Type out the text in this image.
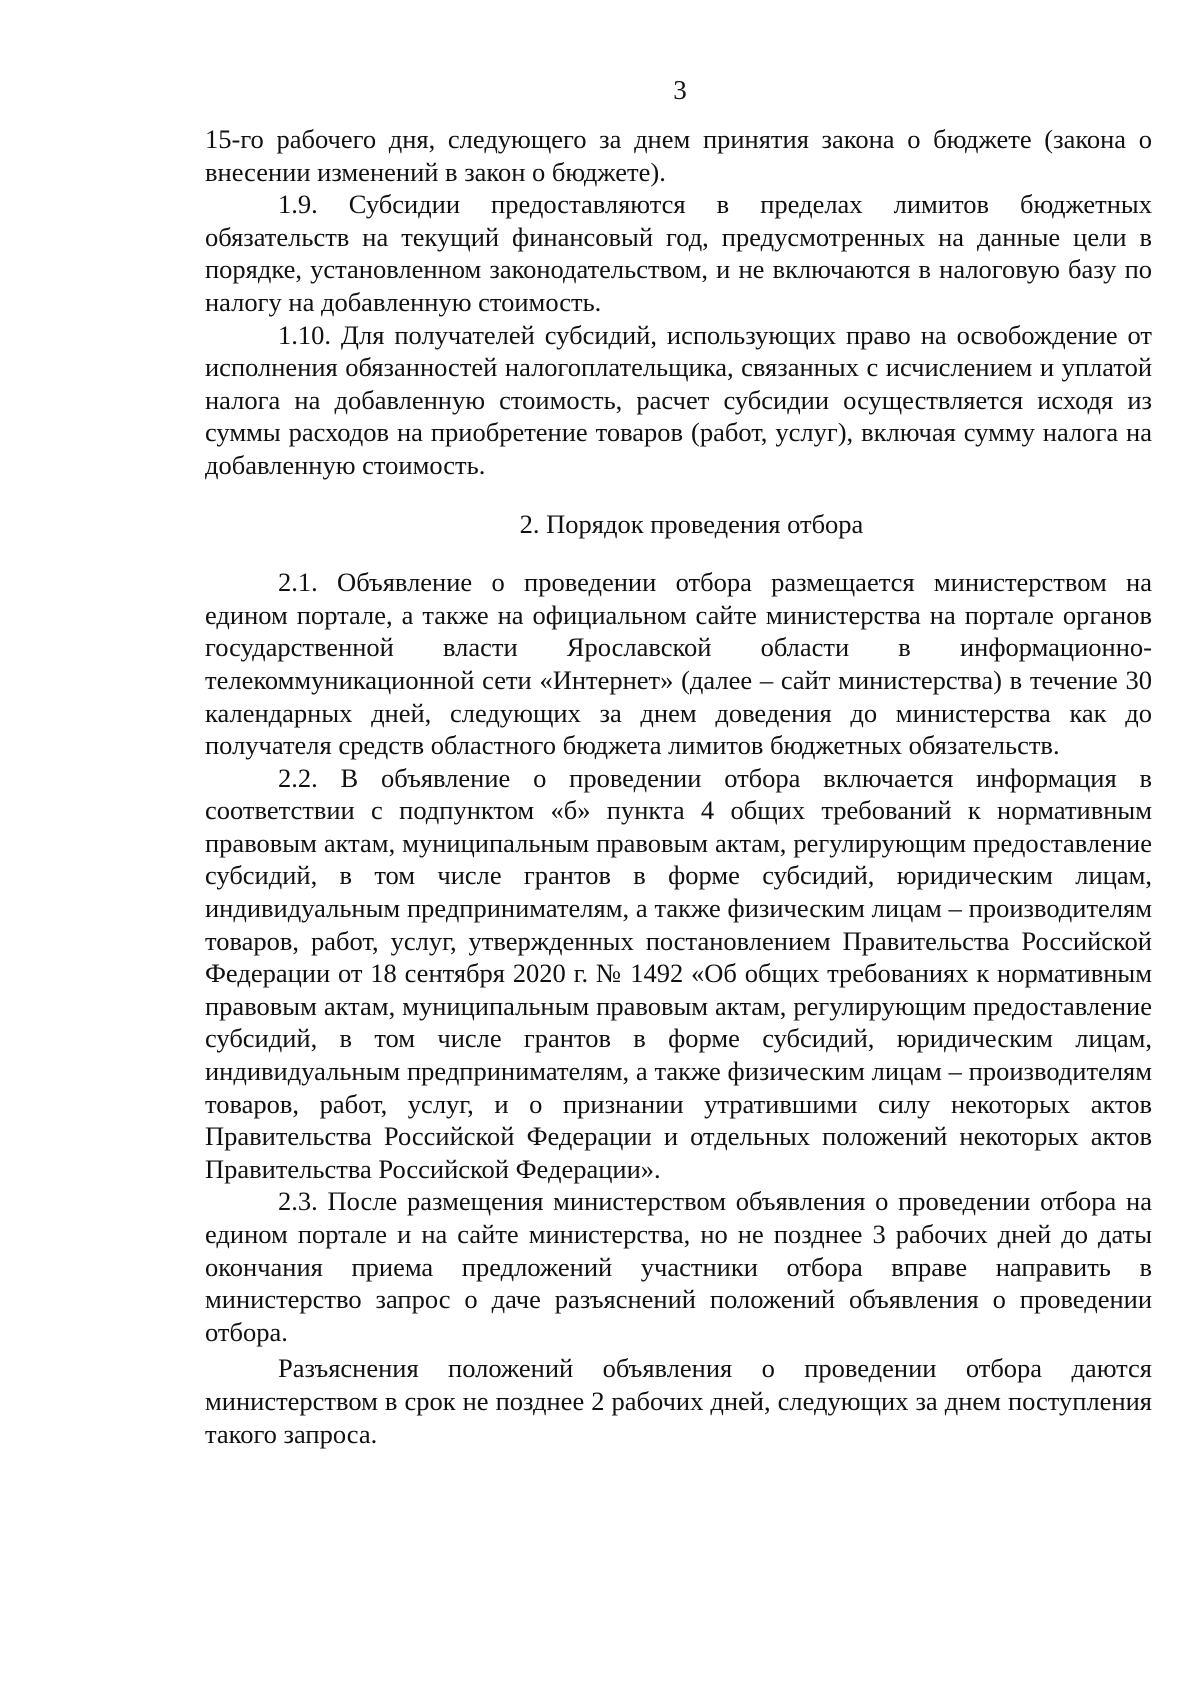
3

15-го рабочего дня, следующего за днем принятия закона о бюджете (закона о внесении изменений в закон о бюджете).

1.9. Субсидии предоставляются в пределах лимитов бюджетных обязательств на текущий финансовый год, предусмотренных на данные цели в порядке, установленном законодательством, и не включаются в налоговую базу по налогу на добавленную стоимость.

1.10. Для получателей субсидий, использующих право на освобождение от исполнения обязанностей налогоплательщика, связанных с исчислением и уплатой налога на добавленную стоимость, расчет субсидии осуществляется исходя из суммы расходов на приобретение товаров (работ, услуг), включая сумму налога на добавленную стоимость.

2. Порядок проведения отбора

2.1. Объявление о проведении отбора размещается министерством на едином портале, а также на официальном сайте министерства на портале органов государственной власти Ярославской области в информационно-телекоммуникационной сети «Интернет» (далее – сайт министерства) в течение 30 календарных дней, следующих за днем доведения до министерства как до получателя средств областного бюджета лимитов бюджетных обязательств.

2.2. В объявление о проведении отбора включается информация в соответствии с подпунктом «б» пункта 4 общих требований к нормативным правовым актам, муниципальным правовым актам, регулирующим предоставление субсидий, в том числе грантов в форме субсидий, юридическим лицам, индивидуальным предпринимателям, а также физическим лицам – производителям товаров, работ, услуг, утвержденных постановлением Правительства Российской Федерации от 18 сентября 2020 г. № 1492 «Об общих требованиях к нормативным правовым актам, муниципальным правовым актам, регулирующим предоставление субсидий, в том числе грантов в форме субсидий, юридическим лицам, индивидуальным предпринимателям, а также физическим лицам – производителям товаров, работ, услуг, и о признании утратившими силу некоторых актов Правительства Российской Федерации и отдельных положений некоторых актов Правительства Российской Федерации».

2.3. После размещения министерством объявления о проведении отбора на едином портале и на сайте министерства, но не позднее 3 рабочих дней до даты окончания приема предложений участники отбора вправе направить в министерство запрос о даче разъяснений положений объявления о проведении отбора.

Разъяснения положений объявления о проведении отбора даются министерством в срок не позднее 2 рабочих дней, следующих за днем поступления такого запроса.
